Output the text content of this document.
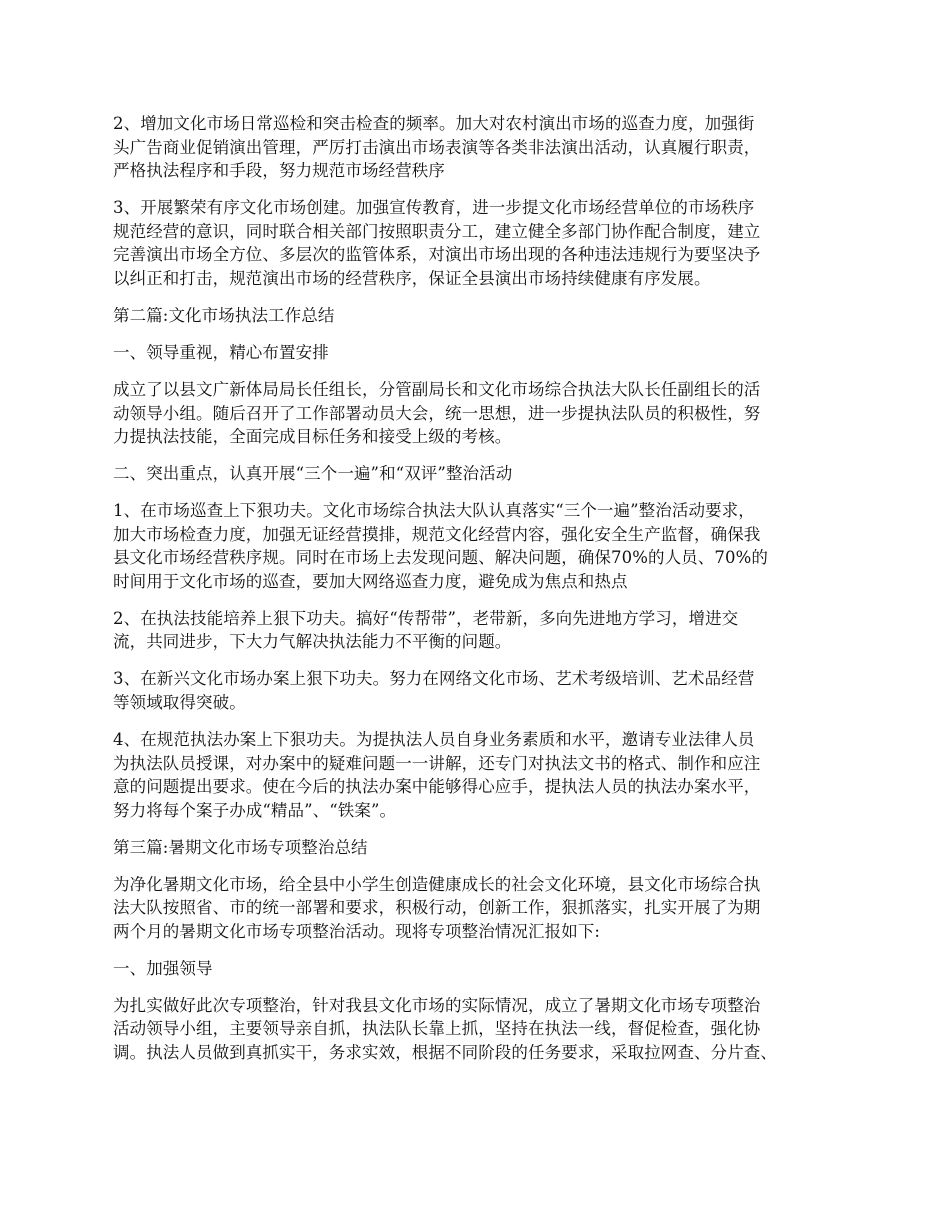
2、增加文化市场日常巡检和突击检查的频率。加大对农村演出市场的巡查力度，加强街
头广告商业促销演出管理，严厉打击演出市场表演等各类非法演出活动，认真履行职责，
严格执法程序和手段，努力规范市场经营秩序

3、开展繁荣有序文化市场创建。加强宣传教育，进一步提文化市场经营单位的市场秩序
规范经营的意识，同时联合相关部门按照职责分工，建立健全多部门协作配合制度，建立
完善演出市场全方位、多层次的监管体系，对演出市场出现的各种违法违规行为要坚决予
以纠正和打击，规范演出市场的经营秩序，保证全县演出市场持续健康有序发展。

第二篇:文化市场执法工作总结

一、领导重视，精心布置安排

成立了以县文广新体局局长任组长，分管副局长和文化市场综合执法大队长任副组长的活
动领导小组。随后召开了工作部署动员大会，统一思想，进一步提执法队员的积极性，努
力提执法技能，全面完成目标任务和接受上级的考核。

二、突出重点，认真开展“三个一遍”和“双评”整治活动

1、在市场巡查上下狠功夫。文化市场综合执法大队认真落实“三个一遍”整治活动要求，
加大市场检查力度，加强无证经营摸排，规范文化经营内容，强化安全生产监督，确保我
县文化市场经营秩序规。同时在市场上去发现问题、解决问题，确保70%的人员、70%的
时间用于文化市场的巡查，要加大网络巡查力度，避免成为焦点和热点

2、在执法技能培养上狠下功夫。搞好“传帮带”，老带新，多向先进地方学习，增进交
流，共同进步，下大力气解决执法能力不平衡的问题。

3、在新兴文化市场办案上狠下功夫。努力在网络文化市场、艺术考级培训、艺术品经营
等领域取得突破。

4、在规范执法办案上下狠功夫。为提执法人员自身业务素质和水平，邀请专业法律人员
为执法队员授课，对办案中的疑难问题一一讲解，还专门对执法文书的格式、制作和应注
意的问题提出要求。使在今后的执法办案中能够得心应手，提执法人员的执法办案水平，
努力将每个案子办成“精品”、“铁案”。

第三篇:暑期文化市场专项整治总结

为净化暑期文化市场，给全县中小学生创造健康成长的社会文化环境，县文化市场综合执
法大队按照省、市的统一部署和要求，积极行动，创新工作，狠抓落实，扎实开展了为期
两个月的暑期文化市场专项整治活动。现将专项整治情况汇报如下:

一、加强领导

为扎实做好此次专项整治，针对我县文化市场的实际情况，成立了暑期文化市场专项整治
活动领导小组，主要领导亲自抓，执法队长靠上抓，坚持在执法一线，督促检查，强化协
调。执法人员做到真抓实干，务求实效，根据不同阶段的任务要求，采取拉网查、分片查、
